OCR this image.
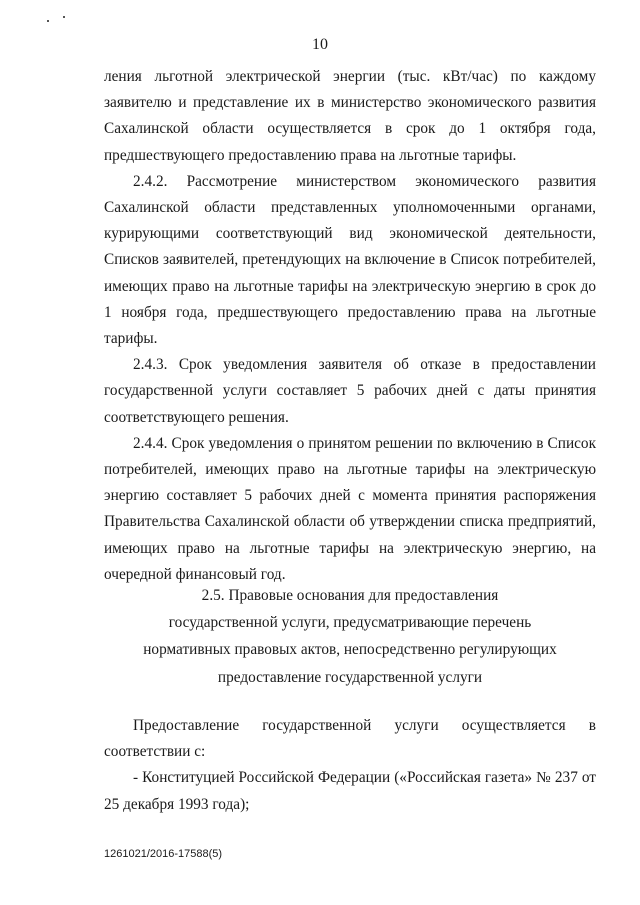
10

ления льготной электрической энергии (тыс. кВт/час) по каждому заявителю и представление их в министерство экономического развития Сахалинской области осуществляется в срок до 1 октября года, предшествующего предоставлению права на льготные тарифы.

2.4.2. Рассмотрение министерством экономического развития Сахалинской области представленных уполномоченными органами, курирующими соответствующий вид экономической деятельности, Списков заявителей, претендующих на включение в Список потребителей, имеющих право на льготные тарифы на электрическую энергию в срок до 1 ноября года, предшествующего предоставлению права на льготные тарифы.

2.4.3. Срок уведомления заявителя об отказе в предоставлении государственной услуги составляет 5 рабочих дней с даты принятия соответствующего решения.

2.4.4. Срок уведомления о принятом решении по включению в Список потребителей, имеющих право на льготные тарифы на электрическую энергию составляет 5 рабочих дней с момента принятия распоряжения Правительства Сахалинской области об утверждении списка предприятий, имеющих право на льготные тарифы на электрическую энергию, на очередной финансовый год.

2.5. Правовые основания для предоставления
государственной услуги, предусматривающие перечень
нормативных правовых актов, непосредственно регулирующих
предоставление государственной услуги

Предоставление государственной услуги осуществляется в соответствии с:

- Конституцией Российской Федерации («Российская газета» № 237 от 25 декабря 1993 года);

1261021/2016-17588(5)
